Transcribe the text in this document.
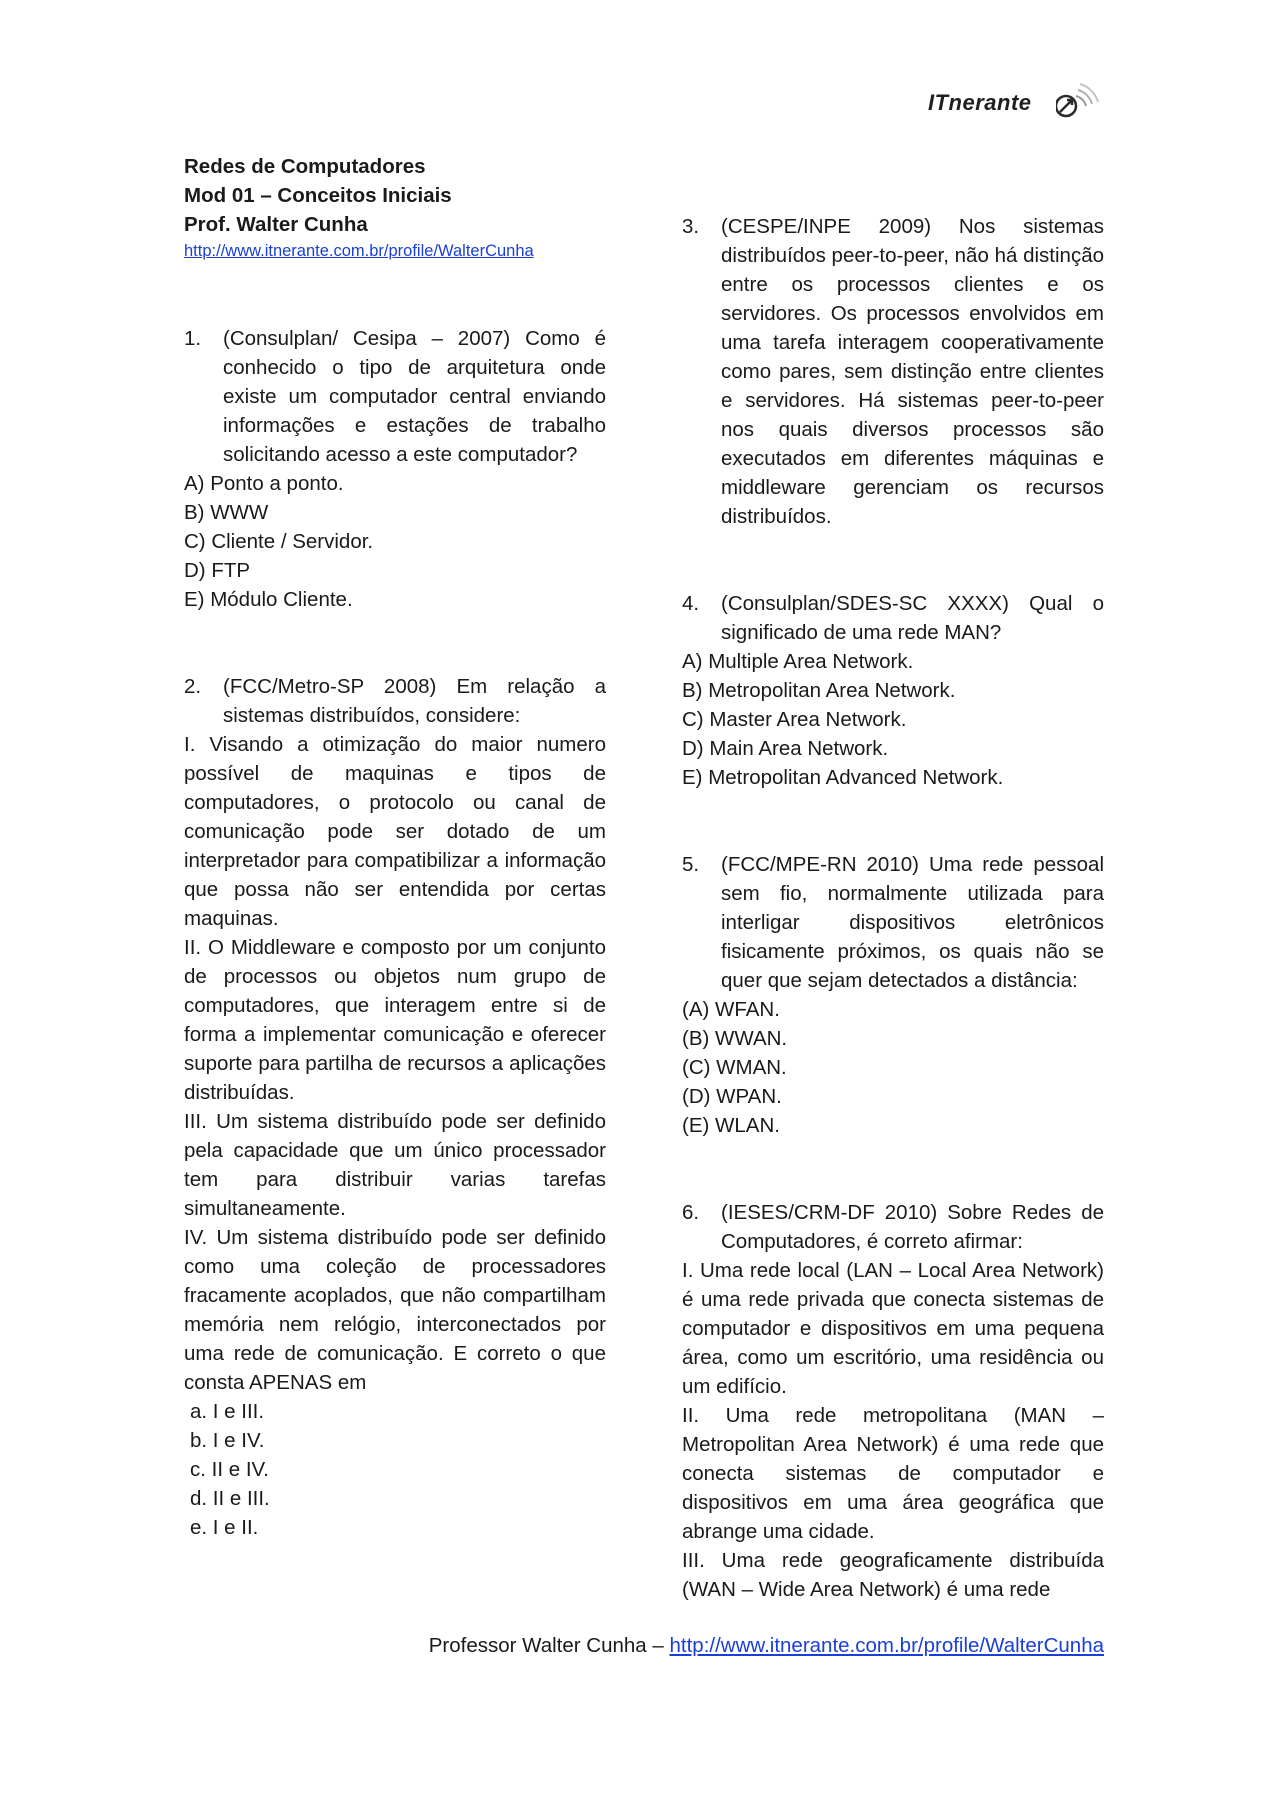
ITnerante
Redes de Computadores
Mod 01 – Conceitos Iniciais
Prof. Walter Cunha
http://www.itnerante.com.br/profile/WalterCunha
1.	(Consulplan/ Cesipa – 2007) Como é conhecido o tipo de arquitetura onde existe um computador central enviando informações e estações de trabalho solicitando acesso a este computador?
A) Ponto a ponto.
B) WWW
C) Cliente / Servidor.
D) FTP
E) Módulo Cliente.
2.	(FCC/Metro-SP 2008) Em relação a sistemas distribuídos, considere:
I. Visando a otimização do maior numero possível de maquinas e tipos de computadores, o protocolo ou canal de comunicação pode ser dotado de um interpretador para compatibilizar a informação que possa não ser entendida por certas maquinas.
II. O Middleware e composto por um conjunto de processos ou objetos num grupo de computadores, que interagem entre si de forma a implementar comunicação e oferecer suporte para partilha de recursos a aplicações distribuídas.
III. Um sistema distribuído pode ser definido pela capacidade que um único processador tem para distribuir varias tarefas simultaneamente.
IV. Um sistema distribuído pode ser definido como uma coleção de processadores fracamente acoplados, que não compartilham memória nem relógio, interconectados por uma rede de comunicação. E correto o que consta APENAS em
a. I e III.
b. I e IV.
c. II e IV.
d. II e III.
e. I e II.
3.	(CESPE/INPE 2009) Nos sistemas distribuídos peer-to-peer, não há distinção entre os processos clientes e os servidores. Os processos envolvidos em uma tarefa interagem cooperativamente como pares, sem distinção entre clientes e servidores. Há sistemas peer-to-peer nos quais diversos processos são executados em diferentes máquinas e middleware gerenciam os recursos distribuídos.
4.	(Consulplan/SDES-SC XXXX) Qual o significado de uma rede MAN?
A) Multiple Area Network.
B) Metropolitan Area Network.
C) Master Area Network.
D) Main Area Network.
E) Metropolitan Advanced Network.
5.	(FCC/MPE-RN 2010) Uma rede pessoal sem fio, normalmente utilizada para interligar dispositivos eletrônicos fisicamente próximos, os quais não se quer que sejam detectados a distância:
(A) WFAN.
(B) WWAN.
(C) WMAN.
(D) WPAN.
(E) WLAN.
6.	(IESES/CRM-DF 2010) Sobre Redes de Computadores, é correto afirmar:
I. Uma rede local (LAN – Local Area Network) é uma rede privada que conecta sistemas de computador e dispositivos em uma pequena área, como um escritório, uma residência ou um edifício.
II. Uma rede metropolitana (MAN – Metropolitan Area Network) é uma rede que conecta sistemas de computador e dispositivos em uma área geográfica que abrange uma cidade.
III. Uma rede geograficamente distribuída (WAN – Wide Area Network) é uma rede
Professor Walter Cunha – http://www.itnerante.com.br/profile/WalterCunha
